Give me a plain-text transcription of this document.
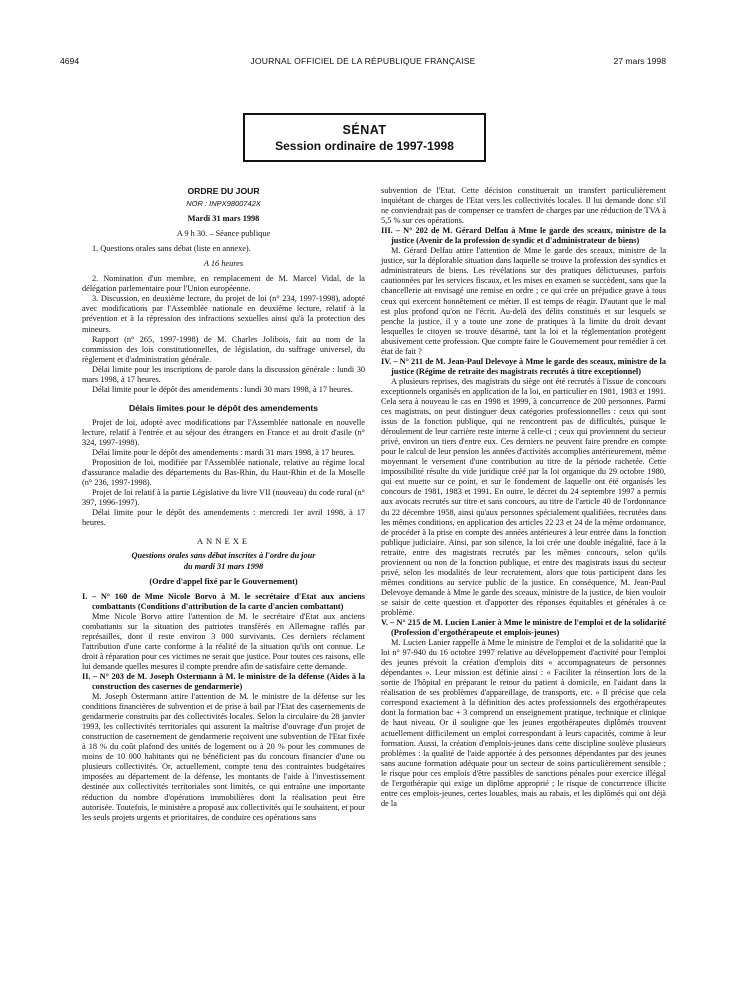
4694	JOURNAL OFFICIEL DE LA RÉPUBLIQUE FRANÇAISE	27 mars 1998
SÉNAT
Session ordinaire de 1997-1998

ORDRE DU JOUR

NOR : INPX9800742X

Mardi 31 mars 1998

A 9 h 30. – Séance publique

1. Questions orales sans débat (liste en annexe).

A 16 heures

2. Nomination d'un membre, en remplacement de M. Marcel Vidal, de la délégation parlementaire pour l'Union européenne.

3. Discussion, en deuxième lecture, du projet de loi (n° 234, 1997-1998), adopté avec modifications par l'Assemblée nationale en deuxième lecture, relatif à la prévention et à la répression des infractions sexuelles ainsi qu'à la protection des mineurs.

Rapport (n° 265, 1997-1998) de M. Charles Jolibois, fait au nom de la commission des lois constitutionnelles, de législation, du suffrage universel, du règlement et d'administration générale.

Délai limite pour les inscriptions de parole dans la discussion générale : lundi 30 mars 1998, à 17 heures.

Délai limite pour le dépôt des amendements : lundi 30 mars 1998, à 17 heures.

Délais limites pour le dépôt des amendements

Projet de loi, adopté avec modifications par l'Assemblée nationale en nouvelle lecture, relatif à l'entrée et au séjour des étrangers en France et au droit d'asile (n° 324, 1997-1998).

Délai limite pour le dépôt des amendements : mardi 31 mars 1998, à 17 heures.

Proposition de loi, modifiée par l'Assemblée nationale, relative au régime local d'assurance maladie des départements du Bas-Rhin, du Haut-Rhin et de la Moselle (n° 236, 1997-1998).

Projet de loi relatif à la partie Législative du livre VII (nouveau) du code rural (n° 397, 1996-1997).

Délai limite pour le dépôt des amendements : mercredi 1er avril 1998, à 17 heures.

ANNEXE

Questions orales sans débat inscrites à l'ordre du jour

du mardi 31 mars 1998

(Ordre d'appel fixé par le Gouvernement)

I. – N° 160 de Mme Nicole Borvo à M. le secrétaire d'Etat aux anciens combattants (Conditions d'attribution de la carte d'ancien combattant)

Mme Nicole Borvo attire l'attention de M. le secrétaire d'Etat aux anciens combattants sur la situation des patriotes transférés en Allemagne raflés par représailles, dont il reste environ 3 000 survivants. Ces derniers réclament l'attribution d'une carte conforme à la réalité de la situation qu'ils ont connue. Le droit à réparation pour ces victimes ne serait que justice. Pour toutes ces raisons, elle lui demande quelles mesures il compte prendre afin de satisfaire cette demande.

II. – N° 203 de M. Joseph Ostermann à M. le ministre de la défense (Aides à la construction des casernes de gendarmerie)

M. Joseph Ostermann attire l'attention de M. le ministre de la défense sur les conditions financières de subvention et de prise à bail par l'Etat des casernements de gendarmerie construits par des collectivités locales. Selon la circulaire du 28 janvier 1993, les collectivités territoriales qui assurent la maîtrise d'ouvrage d'un projet de construction de casernement de gendarmerie reçoivent une subvention de l'Etat fixée à 18 % du coût plafond des unités de logement ou à 20 % pour les communes de moins de 10 000 habitants qui ne bénéficient pas du concours financier d'une ou plusieurs collectivités. Or, actuellement, compte tenu des contraintes budgétaires imposées au département de la défense, les montants de l'aide à l'investissement destinée aux collectivités territoriales sont limités, ce qui entraîne une importante réduction du nombre d'opérations immobilières dont la réalisation peut être autorisée. Toutefois, le ministère a proposé aux collectivités qui le souhaitent, et pour les seuls projets urgents et prioritaires, de conduire ces opérations sans

subvention de l'Etat. Cette décision constituerait un transfert particulièrement inquiétant de charges de l'Etat vers les collectivités locales. Il lui demande donc s'il ne conviendrait pas de compenser ce transfert de charges par une réduction de TVA à 5,5 % sur ces opérations.

III. – N° 202 de M. Gérard Delfau à Mme le garde des sceaux, ministre de la justice (Avenir de la profession de syndic et d'administrateur de biens)

M. Gérard Delfau attire l'attention de Mme le garde des sceaux, ministre de la justice, sur la déplorable situation dans laquelle se trouve la profession des syndics et administrateurs de biens. Les révélations sur des pratiques délictueuses, parfois cautionnées par les services fiscaux, et les mises en examen se succèdent, sans que la chancellerie ait envisagé une remise en ordre ; ce qui crée un préjudice grave à tous ceux qui exercent honnêtement ce métier. Il est temps de réagir. D'autant que le mal est plus profond qu'on ne l'écrit. Au-delà des délits constitués et sur lesquels se penche la justice, il y a toute une zone de pratiques à la limite du droit devant lesquelles le citoyen se trouve désarmé, tant la loi et la réglementation protègent abusivement cette profession. Que compte faire le Gouvernement pour remédier à cet état de fait ?

IV. – N° 211 de M. Jean-Paul Delevoye à Mme le garde des sceaux, ministre de la justice (Régime de retraite des magistrats recrutés à titre exceptionnel)

A plusieurs reprises, des magistrats du siège ont été recrutés à l'issue de concours exceptionnels organisés en application de la loi, en particulier en 1981, 1983 et 1991. Cela sera à nouveau le cas en 1998 et 1999, à concurrence de 200 personnes. Parmi ces magistrats, on peut distinguer deux catégories professionnelles : ceux qui sont issus de la fonction publique, qui ne rencontrent pas de difficultés, puisque le déroulement de leur carrière reste interne à celle-ci ; ceux qui proviennent du secteur privé, environ un tiers d'entre eux. Ces derniers ne peuvent faire prendre en compte pour le calcul de leur pension les années d'activités accomplies antérieurement, même moyennant le versement d'une contribution au titre de la période rachetée. Cette impossibilité résulte du vide juridique créé par la loi organique du 29 octobre 1980, qui est muette sur ce point, et sur le fondement de laquelle ont été organisés les concours de 1981, 1983 et 1991. En outre, le décret du 24 septembre 1997 a permis aux avocats recrutés sur titre et sans concours, au titre de l'article 40 de l'ordonnance du 22 décembre 1958, ainsi qu'aux personnes spécialement qualifiées, recrutées dans les mêmes conditions, en application des articles 22 23 et 24 de la même ordonnance, de procéder à la prise en compte des années antérieures à leur entrée dans la fonction publique judiciaire. Ainsi, par son silence, la loi crée une double inégalité, face à la retraite, entre des magistrats recrutés par les mêmes concours, selon qu'ils proviennent ou non de la fonction publique, et entre des magistrats issus du secteur privé, selon les modalités de leur recrutement, alors que tous participent dans les mêmes conditions au service public de la justice. En conséquence, M. Jean-Paul Delevoye demande à Mme le garde des sceaux, ministre de la justice, de bien vouloir se saisir de cette question et d'apporter des réponses équitables et générales à ce problème.

V. – N° 215 de M. Lucien Lanier à Mme le ministre de l'emploi et de la solidarité (Profession d'ergothérapeute et emplois-jeunes)

M. Lucien Lanier rappelle à Mme le ministre de l'emploi et de la solidarité que la loi n° 97-940 du 16 octobre 1997 relative au développement d'activité pour l'emploi des jeunes prévoit la création d'emplois dits « accompagnateurs de personnes dépendantes ». Leur mission est définie ainsi : « Faciliter la réinsertion lors de la sortie de l'hôpital en préparant le retour du patient à domicile, en l'aidant dans la réalisation de ses problèmes d'appareillage, de transports, etc. » Il précise que cela correspond exactement à la définition des actes professionnels des ergothérapeutes dont la formation bac + 3 comprend un enseignement pratique, technique et clinique de haut niveau. Or il souligne que les jeunes ergothérapeutes diplômés trouvent actuellement difficilement un emploi correspondant à leurs capacités, comme à leur formation. Aussi, la création d'emplois-jeunes dans cette discipline soulève plusieurs problèmes : la qualité de l'aide apportée à des personnes dépendantes par des jeunes sans aucune formation adéquate pour un secteur de soins particulièrement sensible ; le risque pour ces emplois d'être passibles de sanctions pénales pour exercice illégal de l'ergothérapie qui exige un diplôme approprié ; le risque de concurrence illicite entre ces emplois-jeunes, certes louables, mais au rabais, et les diplômés qui ont déjà de la
